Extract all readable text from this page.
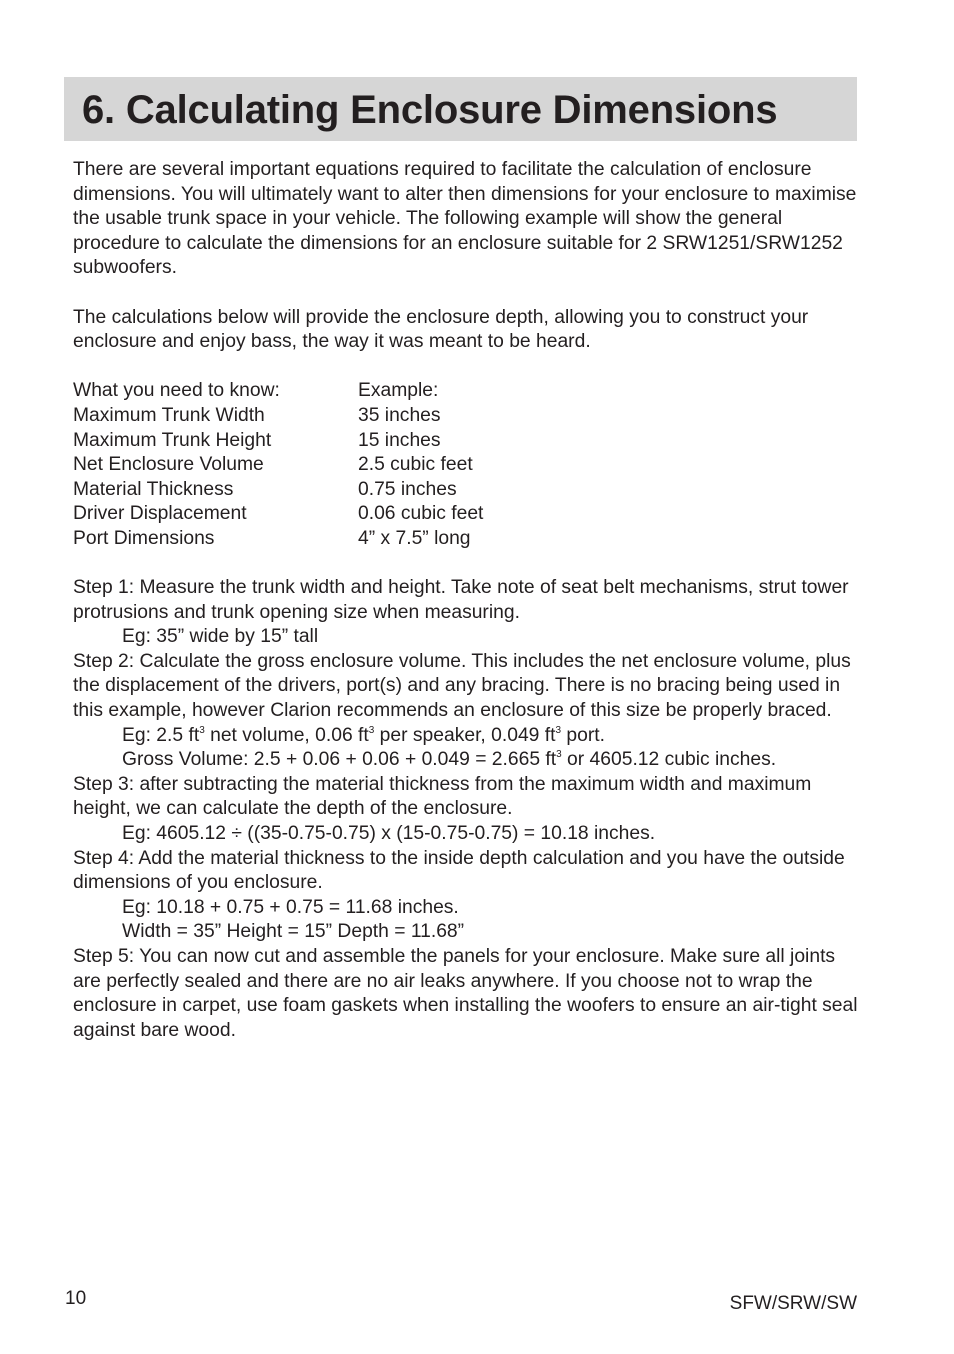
6. Calculating Enclosure Dimensions

There are several important equations required to facilitate the calculation of enclosure dimensions. You will ultimately want to alter then dimensions for your enclosure to maximise the usable trunk space in your vehicle. The following example will show the general procedure to calculate the dimensions for an enclosure suitable for 2 SRW1251/SRW1252 subwoofers.

The calculations below will provide the enclosure depth, allowing you to construct your enclosure and enjoy bass, the way it was meant to be heard.

What you need to know:	Example:
Maximum Trunk Width	35 inches
Maximum Trunk Height	15 inches
Net Enclosure Volume	2.5 cubic feet
Material Thickness	0.75 inches
Driver Displacement	0.06 cubic feet
Port Dimensions	4” x 7.5” long

Step 1: Measure the trunk width and height. Take note of seat belt mechanisms, strut tower protrusions and trunk opening size when measuring.

Eg: 35” wide by 15” tall

Step 2: Calculate the gross enclosure volume. This includes the net enclosure volume, plus the displacement of the drivers, port(s) and any bracing. There is no bracing being used in this example, however Clarion recommends an enclosure of this size be properly braced.

Eg: 2.5 $ft^3$ net volume, 0.06 $ft^3$ per speaker, 0.049 $ft^3$ port.

Gross Volume: 2.5 + 0.06 + 0.06 + 0.049 = 2.665 $ft^3$ or 4605.12 cubic inches.

Step 3: after subtracting the material thickness from the maximum width and maximum height, we can calculate the depth of the enclosure.

Eg: 4605.12 ÷ ((35-0.75-0.75) x (15-0.75-0.75) = 10.18 inches.

Step 4: Add the material thickness to the inside depth calculation and you have the outside dimensions of you enclosure.

Eg: 10.18 + 0.75 + 0.75 = 11.68 inches.

Width = 35” Height = 15” Depth = 11.68”

Step 5: You can now cut and assemble the panels for your enclosure. Make sure all joints are perfectly sealed and there are no air leaks anywhere. If you choose not to wrap the enclosure in carpet, use foam gaskets when installing the woofers to ensure an air-tight seal against bare wood.

10	SFW/SRW/SW
